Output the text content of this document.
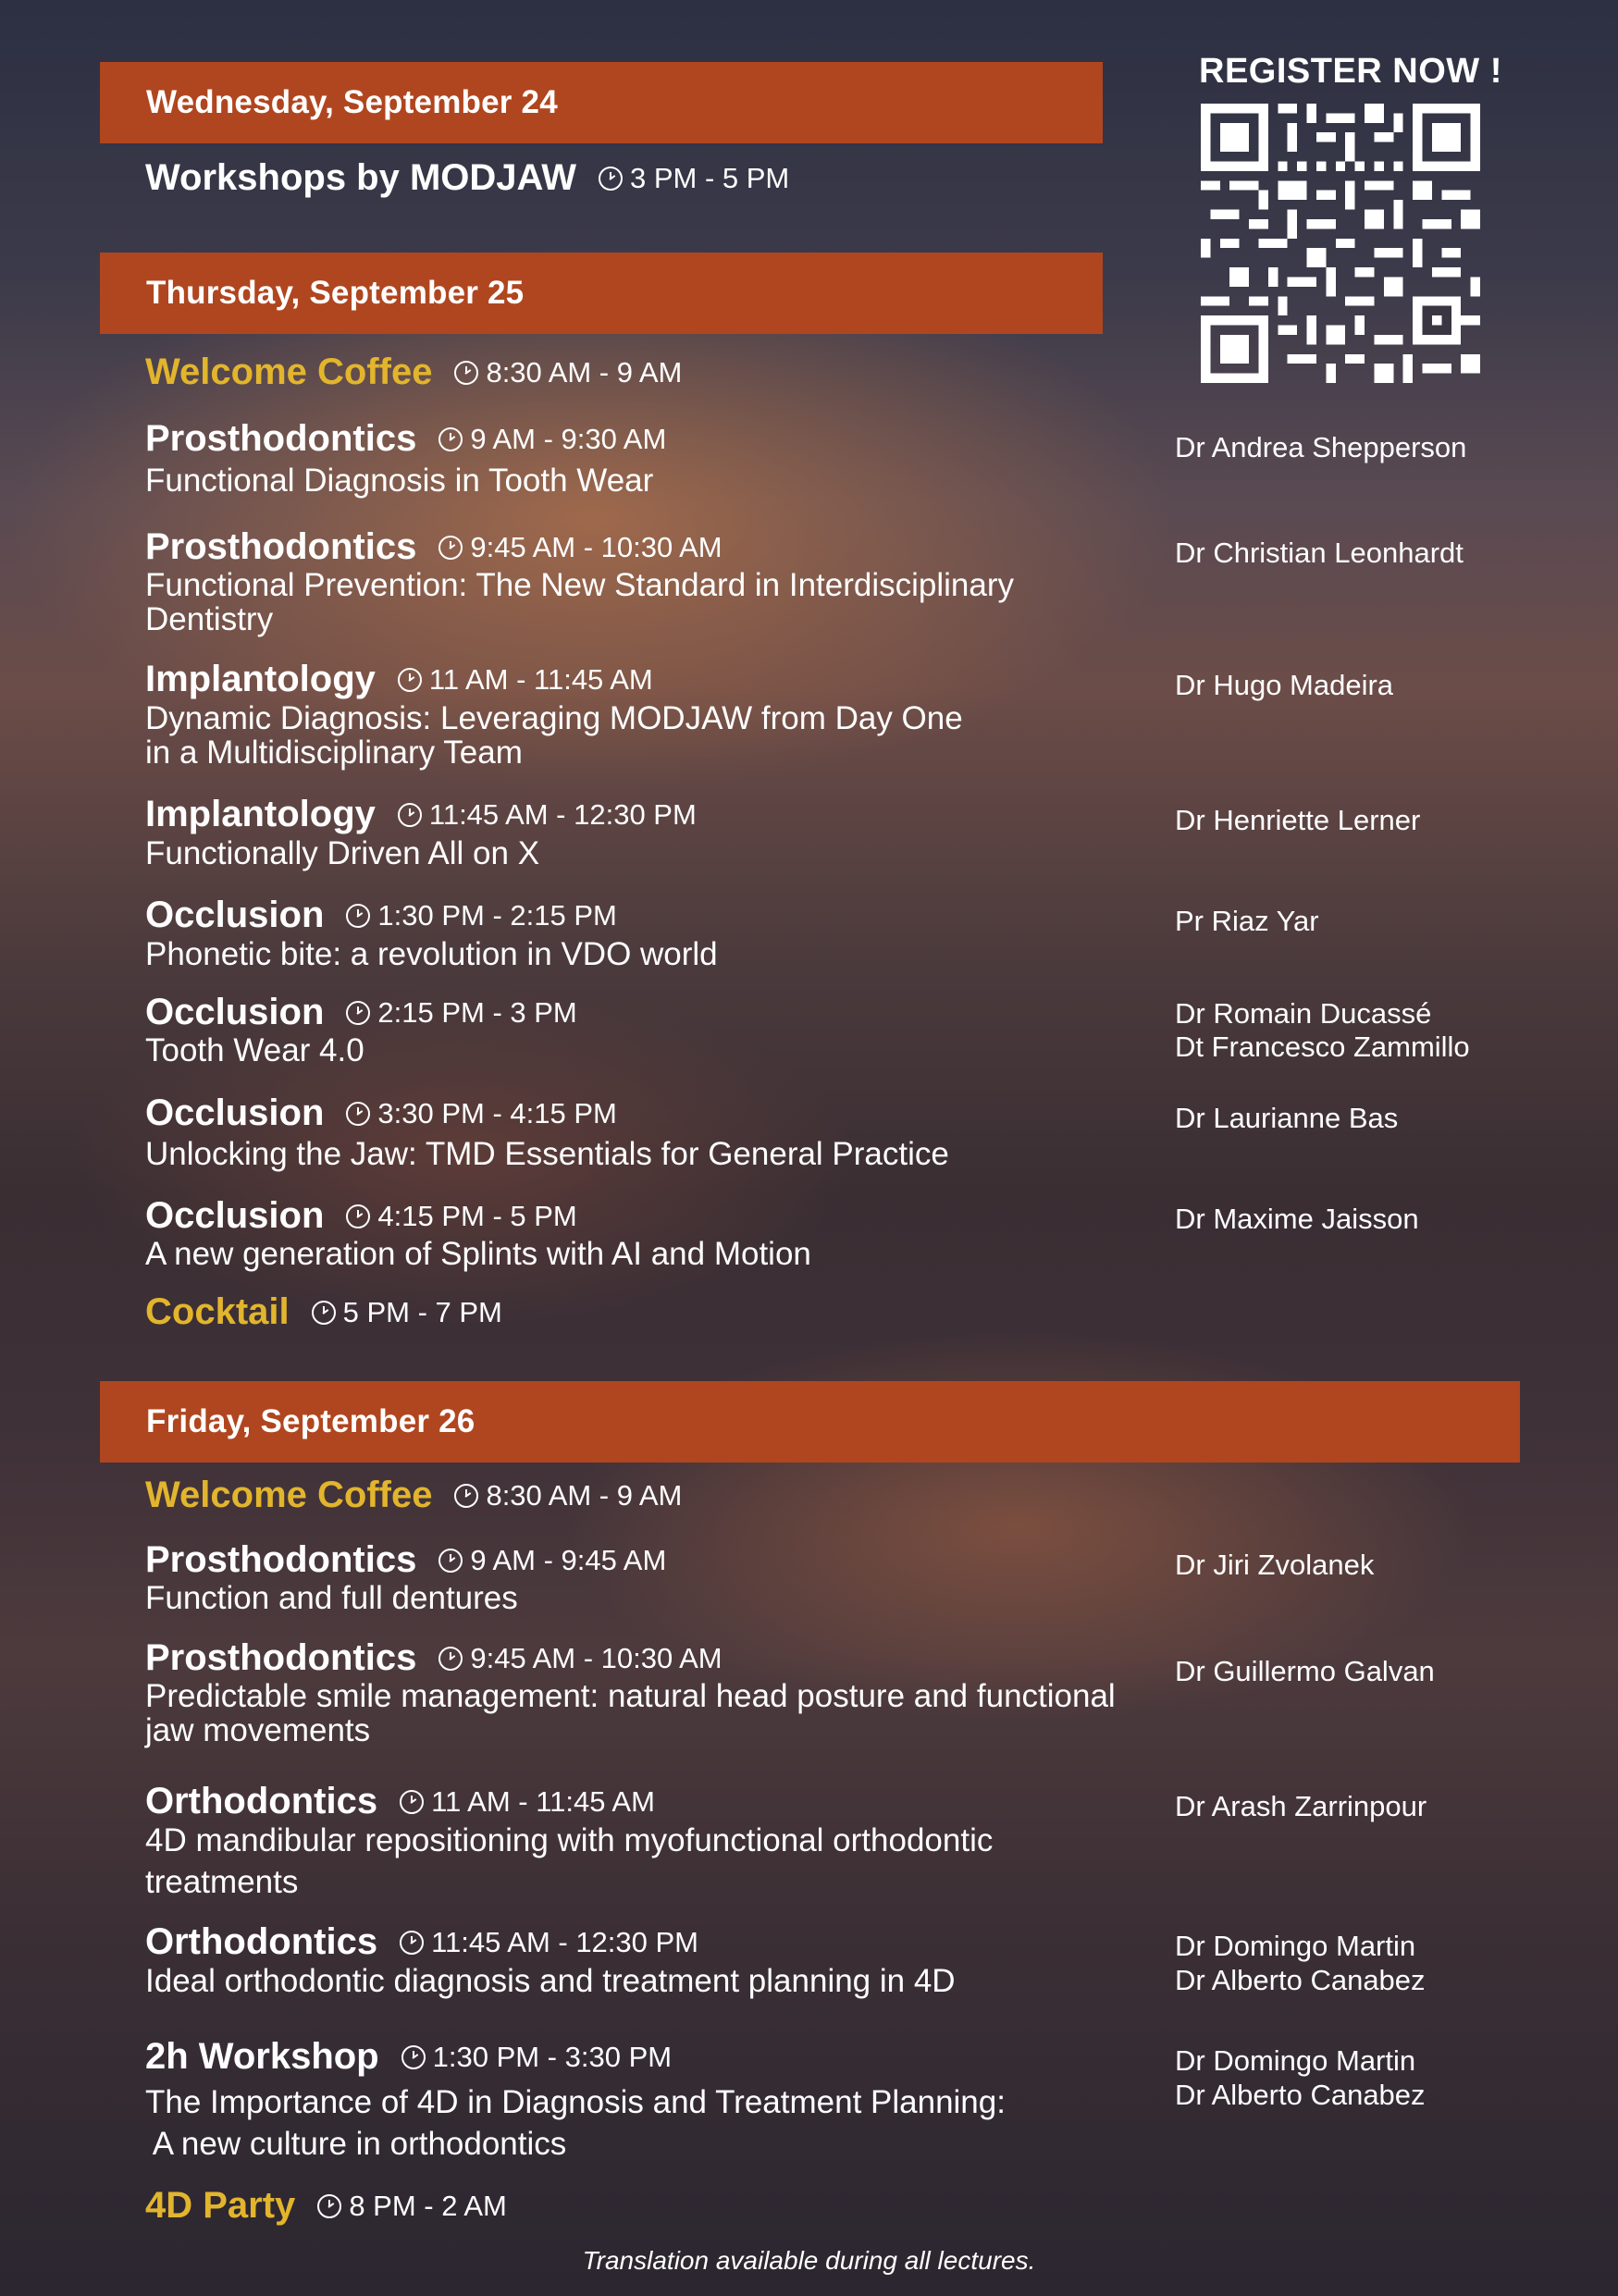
REGISTER NOW !
Wednesday, September 24
Workshops by MODJAW 3 PM - 5 PM
Thursday, September 25
Welcome Coffee 8:30 AM - 9 AM
Prosthodontics 9 AM - 9:30 AM
Functional Diagnosis in Tooth Wear
Dr Andrea Shepperson
Prosthodontics 9:45 AM - 10:30 AM
Functional Prevention: The New Standard in Interdisciplinary
Dentistry
Dr Christian Leonhardt
Implantology 11 AM - 11:45 AM
Dynamic Diagnosis: Leveraging MODJAW from Day One
in a Multidisciplinary Team
Dr Hugo Madeira
Implantology 11:45 AM - 12:30 PM
Functionally Driven All on X
Dr Henriette Lerner
Occlusion 1:30 PM - 2:15 PM
Phonetic bite: a revolution in VDO world
Pr Riaz Yar
Occlusion 2:15 PM - 3 PM
Tooth Wear 4.0
Dr Romain Ducassé
Dt Francesco Zammillo
Occlusion 3:30 PM - 4:15 PM
Unlocking the Jaw: TMD Essentials for General Practice
Dr Laurianne Bas
Occlusion 4:15 PM - 5 PM
A new generation of Splints with AI and Motion
Dr Maxime Jaisson
Cocktail 5 PM - 7 PM
Friday, September 26
Welcome Coffee 8:30 AM - 9 AM
Prosthodontics 9 AM - 9:45 AM
Function and full dentures
Dr Jiri Zvolanek
Prosthodontics 9:45 AM - 10:30 AM
Predictable smile management: natural head posture and functional
jaw movements
Dr Guillermo Galvan
Orthodontics 11 AM - 11:45 AM
4D mandibular repositioning with myofunctional orthodontic
treatments
Dr Arash Zarrinpour
Orthodontics 11:45 AM - 12:30 PM
Ideal orthodontic diagnosis and treatment planning in 4D
Dr Domingo Martin
Dr Alberto Canabez
2h Workshop 1:30 PM - 3:30 PM
The Importance of 4D in Diagnosis and Treatment Planning:
A new culture in orthodontics
Dr Domingo Martin
Dr Alberto Canabez
4D Party 8 PM - 2 AM
Translation available during all lectures.
